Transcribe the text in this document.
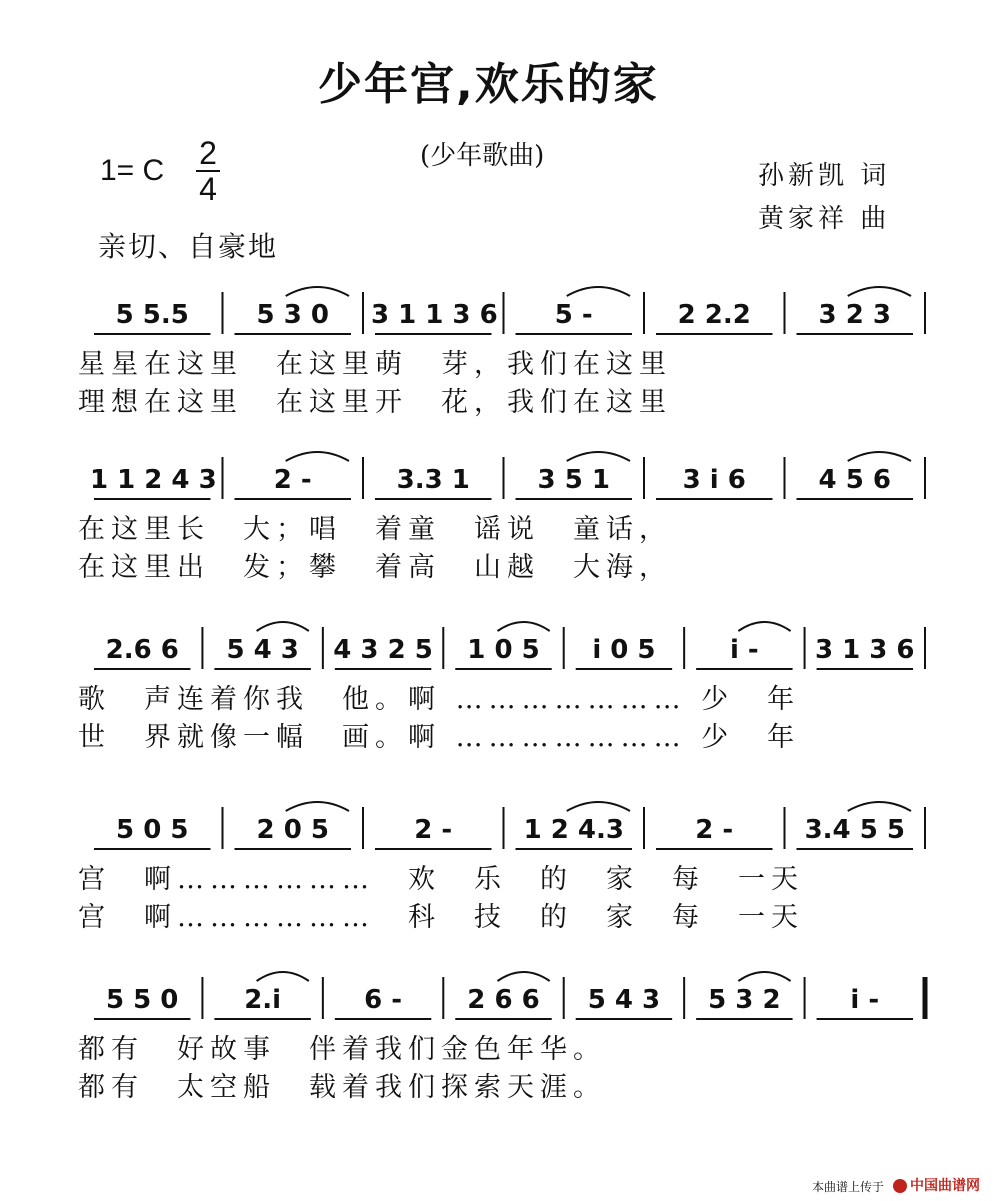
少年宫,欢乐的家
(少年歌曲)
1= C 2
4
亲切、自豪地
孙新凯 词
黄家祥 曲
5 5.5	5 3 0	3 1 1 3 6	5 -	2 2.2	3 2 3
星星在这里　在这里萌　芽，我们在这里
理想在这里　在这里开　花，我们在这里
1 1 2 4 3	2 -	3.3 1	3 5 1	3 i 6	4 5 6
在这里长　大；唱　着童　谣说　童话，
在这里出　发；攀　着高　山越　大海，
2.6 6	5 4 3	4 3 2 5	1 0 5	i 0 5	i -	3 1 3 6
歌　声连着你我　他。啊 ………………… 少　年
世　界就像一幅　画。啊 ………………… 少　年
5 0 5	2 0 5	2 -	1 2 4.3	2 -	3.4 5 5
宫　啊………………　欢　乐　的　家　每　一天
宫　啊………………　科　技　的　家　每　一天
5 5 0	2.i	6 -	2 6 6	5 4 3	5 3 2	i -
都有　好故事　伴着我们金色年华。
都有　太空船　载着我们探索天涯。
本曲谱上传于	中国曲谱网
